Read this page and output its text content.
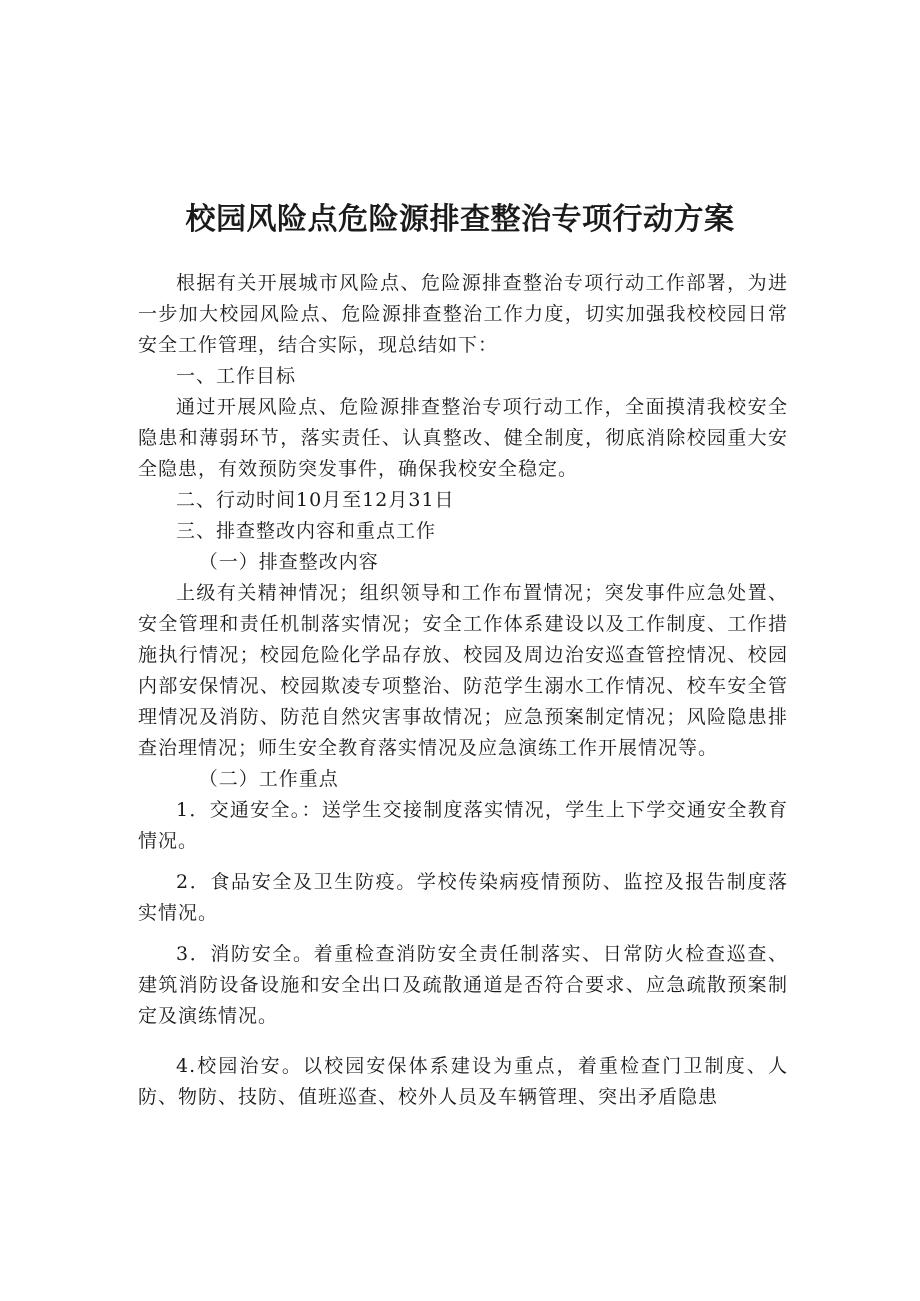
校园风险点危险源排查整治专项行动方案

根据有关开展城市风险点、危险源排查整治专项行动工作部署，为进一步加大校园风险点、危险源排查整治工作力度，切实加强我校校园日常安全工作管理，结合实际，现总结如下：

一、工作目标

通过开展风险点、危险源排查整治专项行动工作，全面摸清我校安全隐患和薄弱环节，落实责任、认真整改、健全制度，彻底消除校园重大安全隐患，有效预防突发事件，确保我校安全稳定。

二、行动时间10月至12月31日

三、排查整改内容和重点工作

（一）排查整改内容

上级有关精神情况；组织领导和工作布置情况；突发事件应急处置、安全管理和责任机制落实情况；安全工作体系建设以及工作制度、工作措施执行情况；校园危险化学品存放、校园及周边治安巡查管控情况、校园内部安保情况、校园欺凌专项整治、防范学生溺水工作情况、校车安全管理情况及消防、防范自然灾害事故情况；应急预案制定情况；风险隐患排查治理情况；师生安全教育落实情况及应急演练工作开展情况等。

（二）工作重点

1．交通安全。：送学生交接制度落实情况，学生上下学交通安全教育情况。

2．食品安全及卫生防疫。学校传染病疫情预防、监控及报告制度落实情况。

3．消防安全。着重检查消防安全责任制落实、日常防火检查巡查、建筑消防设备设施和安全出口及疏散通道是否符合要求、应急疏散预案制定及演练情况。

4.校园治安。以校园安保体系建设为重点，着重检查门卫制度、人防、物防、技防、值班巡查、校外人员及车辆管理、突出矛盾隐患
